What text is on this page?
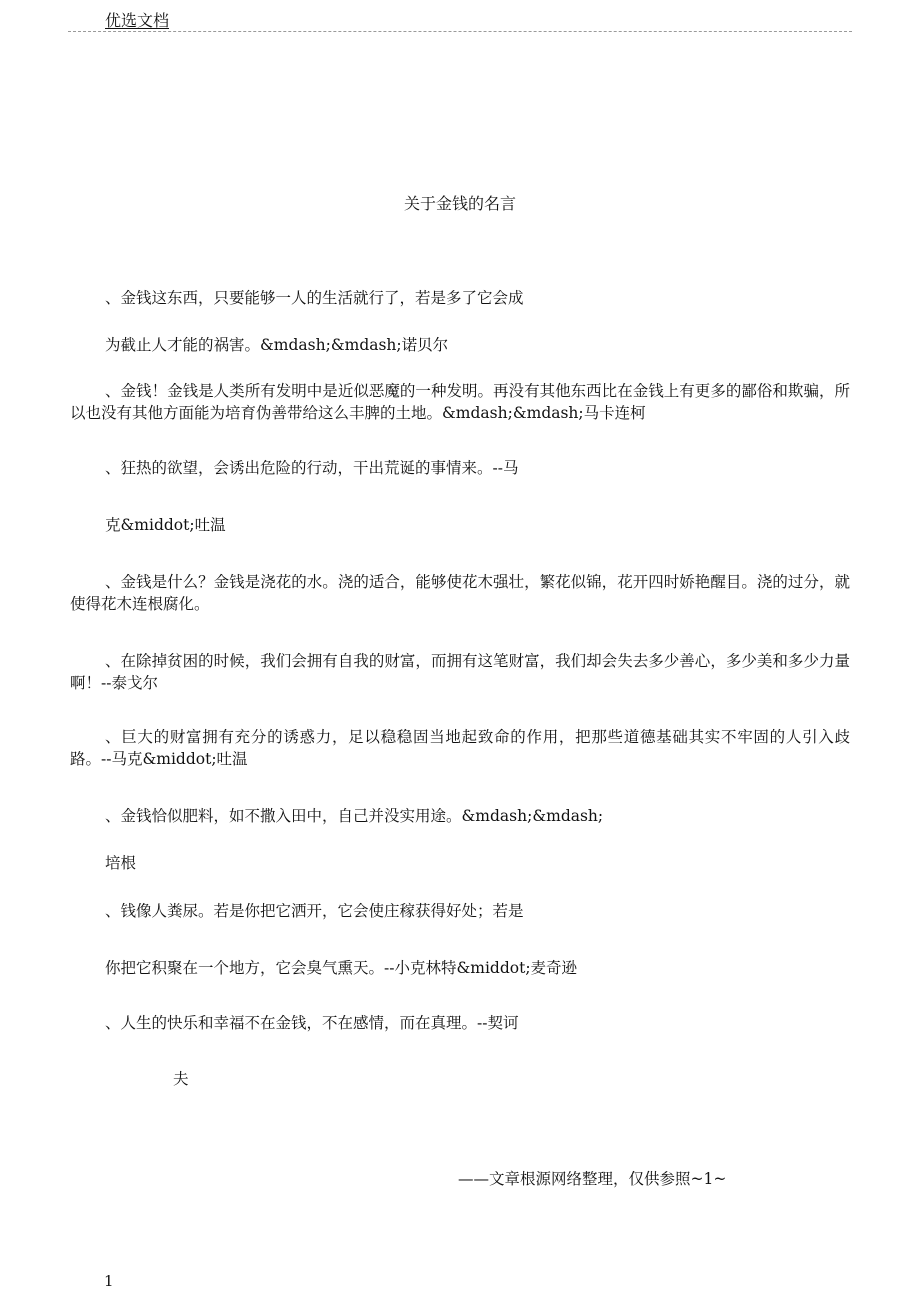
优选文档
关于金钱的名言
、金钱这东西，只要能够一人的生活就行了，若是多了它会成
为截止人才能的祸害。&mdash;&mdash;诺贝尔
、金钱！金钱是人类所有发明中是近似恶魔的一种发明。再没有其他东西比在金钱上有更多的鄙俗和欺骗，所以也没有其他方面能为培育伪善带给这么丰脾的土地。&mdash;&mdash;马卡连柯
、狂热的欲望，会诱出危险的行动，干出荒诞的事情来。--马
克&middot;吐温
、金钱是什么？金钱是浇花的水。浇的适合，能够使花木强壮，繁花似锦，花开四时娇艳醒目。浇的过分，就使得花木连根腐化。
、在除掉贫困的时候，我们会拥有自我的财富，而拥有这笔财富，我们却会失去多少善心，多少美和多少力量啊！--泰戈尔
、巨大的财富拥有充分的诱惑力，足以稳稳固当地起致命的作用，把那些道德基础其实不牢固的人引入歧路。--马克&middot;吐温
、金钱恰似肥料，如不撒入田中，自己并没实用途。&mdash;&mdash;
培根
、钱像人粪尿。若是你把它洒开，它会使庄稼获得好处；若是
你把它积聚在一个地方，它会臭气熏天。--小克林特&middot;麦奇逊
、人生的快乐和幸福不在金钱，不在感情，而在真理。--契诃
夫
——文章根源网络整理，仅供参照~1~
1
